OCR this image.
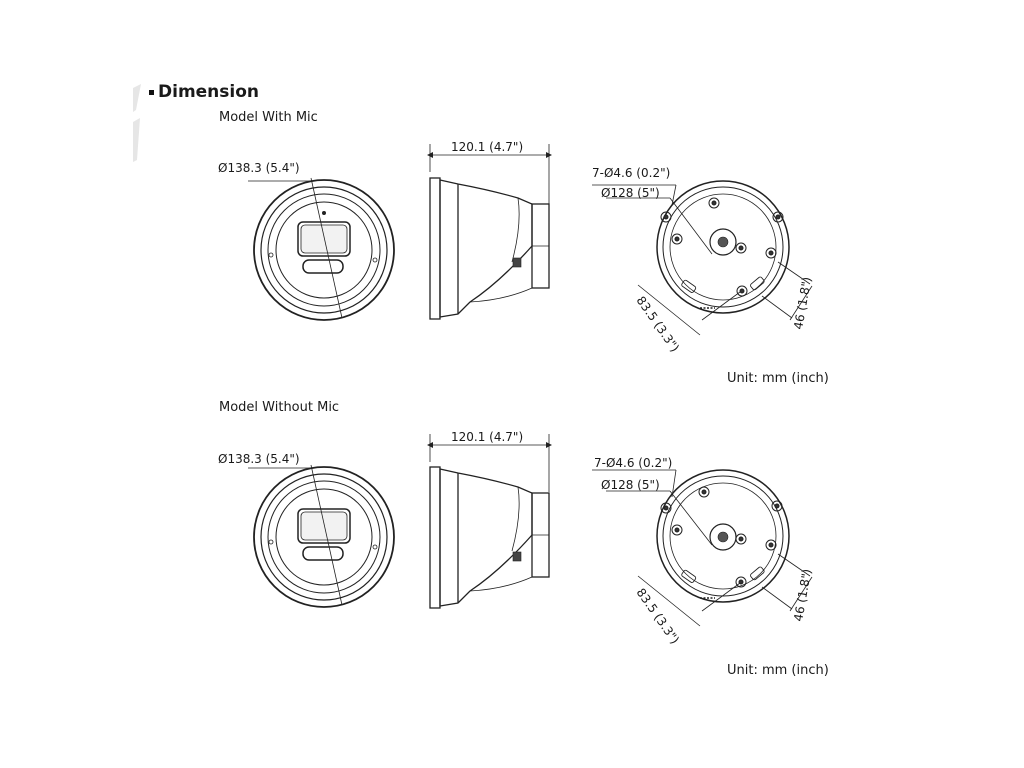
Ø138.3 (5.4")
120.1 (4.7")
7-Ø4.6 (0.2")
Ø128 (5")
83.5 (3.3")	46 (1.8")
Ø138.3 (5.4")
120.1 (4.7")
7-Ø4.6 (0.2")
Ø128 (5")
83.5 (3.3")	46 (1.8")
Dimension
Model With Mic
Unit: mm (inch)
Model Without Mic
Unit: mm (inch)
